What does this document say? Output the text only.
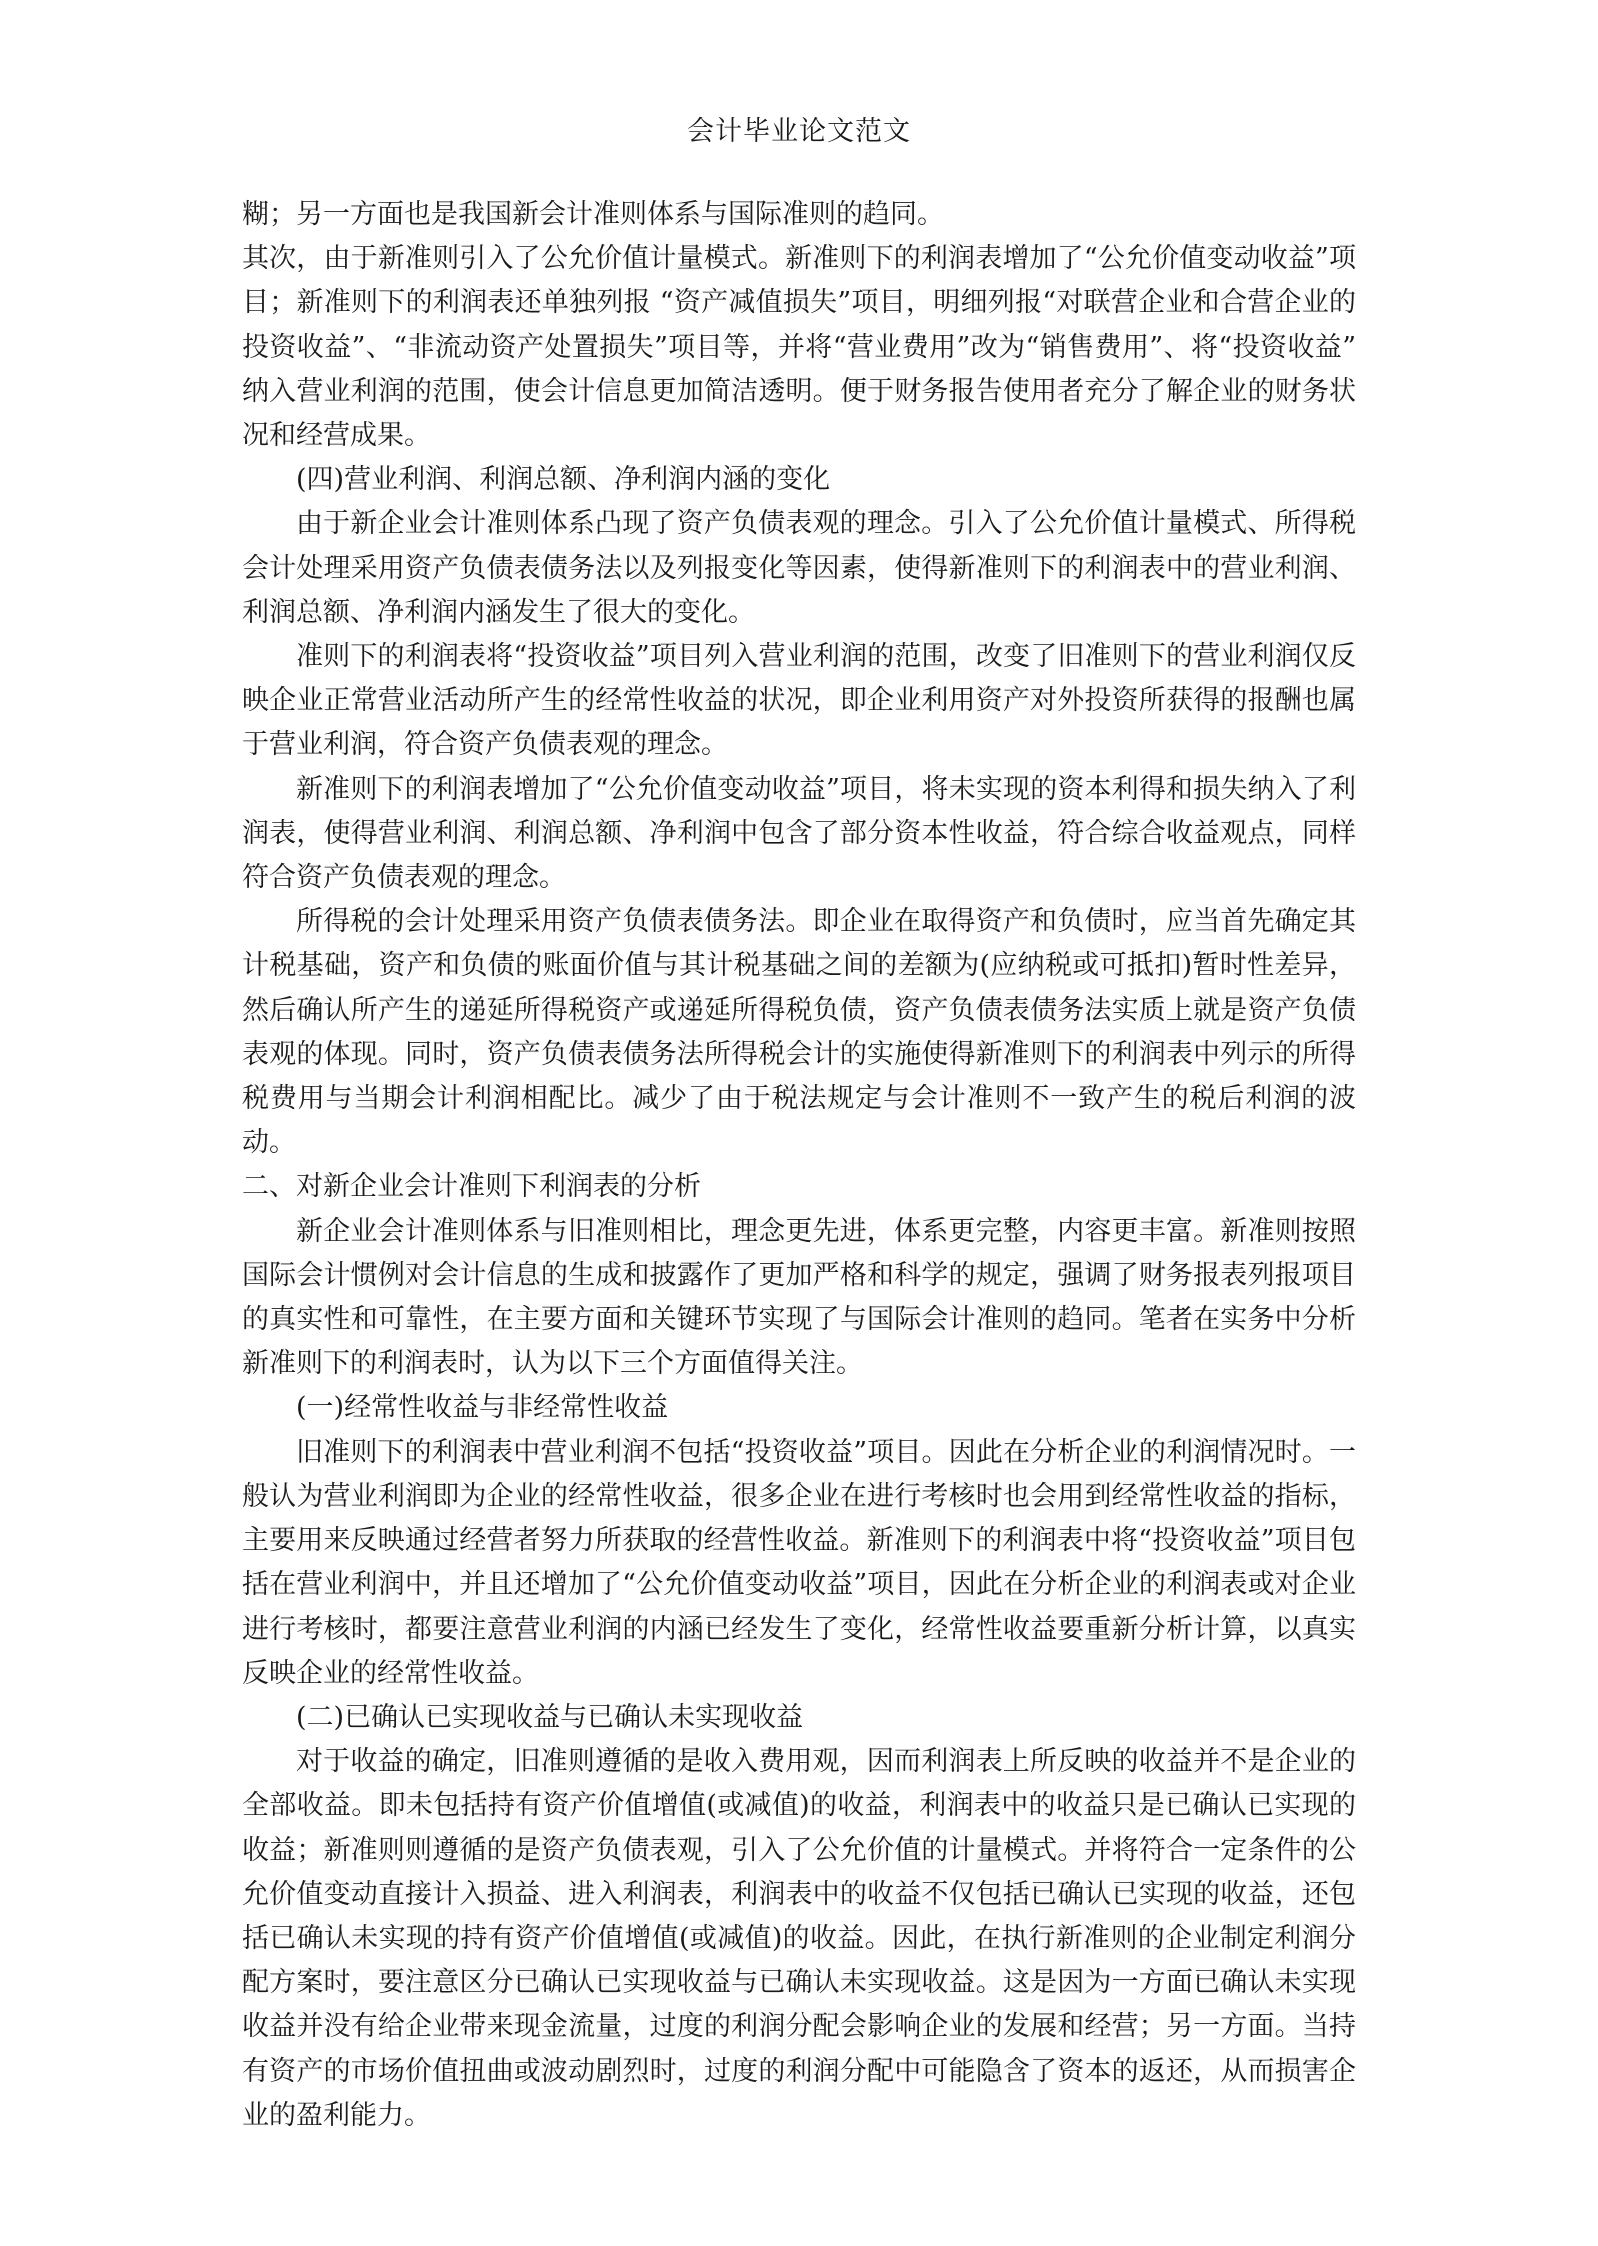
会计毕业论文范文

糊；另一方面也是我国新会计准则体系与国际准则的趋同。

其次，由于新准则引入了公允价值计量模式。新准则下的利润表增加了“公允价值变动收益”项目；新准则下的利润表还单独列报 “资产减值损失”项目，明细列报“对联营企业和合营企业的投资收益”、“非流动资产处置损失”项目等，并将“营业费用”改为“销售费用”、将“投资收益” 纳入营业利润的范围，使会计信息更加简洁透明。便于财务报告使用者充分了解企业的财务状况和经营成果。

(四)营业利润、利润总额、净利润内涵的变化

由于新企业会计准则体系凸现了资产负债表观的理念。引入了公允价值计量模式、所得税会计处理采用资产负债表债务法以及列报变化等因素，使得新准则下的利润表中的营业利润、利润总额、净利润内涵发生了很大的变化。

准则下的利润表将“投资收益”项目列入营业利润的范围，改变了旧准则下的营业利润仅反映企业正常营业活动所产生的经常性收益的状况，即企业利用资产对外投资所获得的报酬也属于营业利润，符合资产负债表观的理念。

新准则下的利润表增加了“公允价值变动收益”项目，将未实现的资本利得和损失纳入了利润表，使得营业利润、利润总额、净利润中包含了部分资本性收益，符合综合收益观点，同样符合资产负债表观的理念。

所得税的会计处理采用资产负债表债务法。即企业在取得资产和负债时，应当首先确定其计税基础，资产和负债的账面价值与其计税基础之间的差额为(应纳税或可抵扣)暂时性差异，然后确认所产生的递延所得税资产或递延所得税负债，资产负债表债务法实质上就是资产负债表观的体现。同时，资产负债表债务法所得税会计的实施使得新准则下的利润表中列示的所得税费用与当期会计利润相配比。减少了由于税法规定与会计准则不一致产生的税后利润的波动。

二、对新企业会计准则下利润表的分析

新企业会计准则体系与旧准则相比，理念更先进，体系更完整，内容更丰富。新准则按照国际会计惯例对会计信息的生成和披露作了更加严格和科学的规定，强调了财务报表列报项目的真实性和可靠性，在主要方面和关键环节实现了与国际会计准则的趋同。笔者在实务中分析新准则下的利润表时，认为以下三个方面值得关注。

(一)经常性收益与非经常性收益

旧准则下的利润表中营业利润不包括“投资收益”项目。因此在分析企业的利润情况时。一般认为营业利润即为企业的经常性收益，很多企业在进行考核时也会用到经常性收益的指标，主要用来反映通过经营者努力所获取的经营性收益。新准则下的利润表中将“投资收益”项目包括在营业利润中，并且还增加了“公允价值变动收益”项目，因此在分析企业的利润表或对企业进行考核时，都要注意营业利润的内涵已经发生了变化，经常性收益要重新分析计算，以真实反映企业的经常性收益。

(二)已确认已实现收益与已确认未实现收益

对于收益的确定，旧准则遵循的是收入费用观，因而利润表上所反映的收益并不是企业的全部收益。即未包括持有资产价值增值(或减值)的收益，利润表中的收益只是已确认已实现的收益；新准则则遵循的是资产负债表观，引入了公允价值的计量模式。并将符合一定条件的公允价值变动直接计入损益、进入利润表，利润表中的收益不仅包括已确认已实现的收益，还包括已确认未实现的持有资产价值增值(或减值)的收益。因此，在执行新准则的企业制定利润分配方案时，要注意区分已确认已实现收益与已确认未实现收益。这是因为一方面已确认未实现收益并没有给企业带来现金流量，过度的利润分配会影响企业的发展和经营；另一方面。当持有资产的市场价值扭曲或波动剧烈时，过度的利润分配中可能隐含了资本的返还，从而损害企业的盈利能力。
